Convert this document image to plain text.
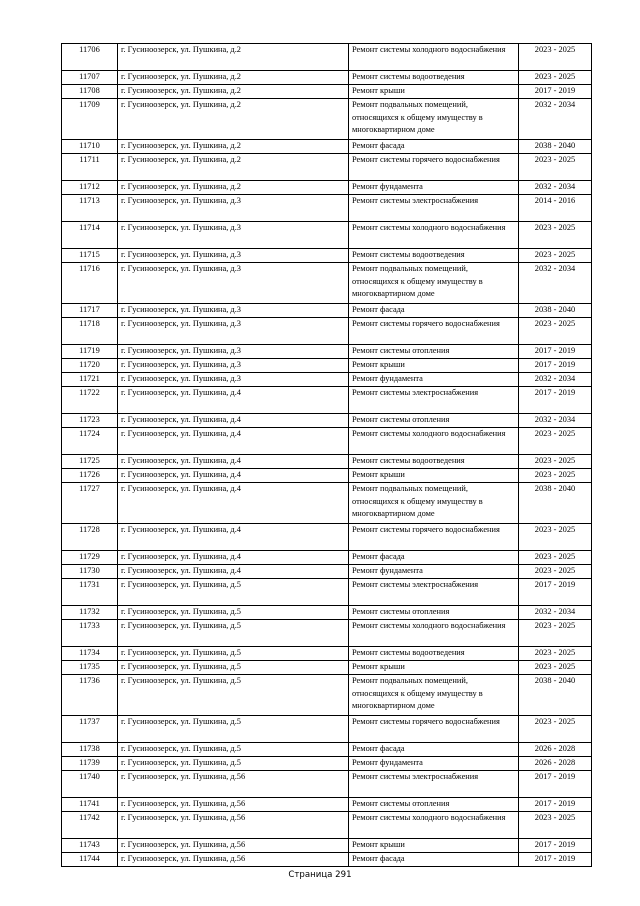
11706	г. Гусиноозерск, ул. Пушкина, д.2	Ремонт системы холодного водоснабжения	2023 - 2025
11707	г. Гусиноозерск, ул. Пушкина, д.2	Ремонт системы водоотведения	2023 - 2025
11708	г. Гусиноозерск, ул. Пушкина, д.2	Ремонт крыши	2017 - 2019
11709	г. Гусиноозерск, ул. Пушкина, д.2	Ремонт подвальных помещений, относящихся к общему имуществу в многоквартирном доме	2032 - 2034
11710	г. Гусиноозерск, ул. Пушкина, д.2	Ремонт фасада	2038 - 2040
11711	г. Гусиноозерск, ул. Пушкина, д.2	Ремонт системы горячего водоснабжения	2023 - 2025
11712	г. Гусиноозерск, ул. Пушкина, д.2	Ремонт фундамента	2032 - 2034
11713	г. Гусиноозерск, ул. Пушкина, д.3	Ремонт системы электроснабжения	2014 - 2016
11714	г. Гусиноозерск, ул. Пушкина, д.3	Ремонт системы холодного водоснабжения	2023 - 2025
11715	г. Гусиноозерск, ул. Пушкина, д.3	Ремонт системы водоотведения	2023 - 2025
11716	г. Гусиноозерск, ул. Пушкина, д.3	Ремонт подвальных помещений, относящихся к общему имуществу в многоквартирном доме	2032 - 2034
11717	г. Гусиноозерск, ул. Пушкина, д.3	Ремонт фасада	2038 - 2040
11718	г. Гусиноозерск, ул. Пушкина, д.3	Ремонт системы горячего водоснабжения	2023 - 2025
11719	г. Гусиноозерск, ул. Пушкина, д.3	Ремонт системы отопления	2017 - 2019
11720	г. Гусиноозерск, ул. Пушкина, д.3	Ремонт крыши	2017 - 2019
11721	г. Гусиноозерск, ул. Пушкина, д.3	Ремонт фундамента	2032 - 2034
11722	г. Гусиноозерск, ул. Пушкина, д.4	Ремонт системы электроснабжения	2017 - 2019
11723	г. Гусиноозерск, ул. Пушкина, д.4	Ремонт системы отопления	2032 - 2034
11724	г. Гусиноозерск, ул. Пушкина, д.4	Ремонт системы холодного водоснабжения	2023 - 2025
11725	г. Гусиноозерск, ул. Пушкина, д.4	Ремонт системы водоотведения	2023 - 2025
11726	г. Гусиноозерск, ул. Пушкина, д.4	Ремонт крыши	2023 - 2025
11727	г. Гусиноозерск, ул. Пушкина, д.4	Ремонт подвальных помещений, относящихся к общему имуществу в многоквартирном доме	2038 - 2040
11728	г. Гусиноозерск, ул. Пушкина, д.4	Ремонт системы горячего водоснабжения	2023 - 2025
11729	г. Гусиноозерск, ул. Пушкина, д.4	Ремонт фасада	2023 - 2025
11730	г. Гусиноозерск, ул. Пушкина, д.4	Ремонт фундамента	2023 - 2025
11731	г. Гусиноозерск, ул. Пушкина, д.5	Ремонт системы электроснабжения	2017 - 2019
11732	г. Гусиноозерск, ул. Пушкина, д.5	Ремонт системы отопления	2032 - 2034
11733	г. Гусиноозерск, ул. Пушкина, д.5	Ремонт системы холодного водоснабжения	2023 - 2025
11734	г. Гусиноозерск, ул. Пушкина, д.5	Ремонт системы водоотведения	2023 - 2025
11735	г. Гусиноозерск, ул. Пушкина, д.5	Ремонт крыши	2023 - 2025
11736	г. Гусиноозерск, ул. Пушкина, д.5	Ремонт подвальных помещений, относящихся к общему имуществу в многоквартирном доме	2038 - 2040
11737	г. Гусиноозерск, ул. Пушкина, д.5	Ремонт системы горячего водоснабжения	2023 - 2025
11738	г. Гусиноозерск, ул. Пушкина, д.5	Ремонт фасада	2026 - 2028
11739	г. Гусиноозерск, ул. Пушкина, д.5	Ремонт фундамента	2026 - 2028
11740	г. Гусиноозерск, ул. Пушкина, д.56	Ремонт системы электроснабжения	2017 - 2019
11741	г. Гусиноозерск, ул. Пушкина, д.56	Ремонт системы отопления	2017 - 2019
11742	г. Гусиноозерск, ул. Пушкина, д.56	Ремонт системы холодного водоснабжения	2023 - 2025
11743	г. Гусиноозерск, ул. Пушкина, д.56	Ремонт крыши	2017 - 2019
11744	г. Гусиноозерск, ул. Пушкина, д.56	Ремонт фасада	2017 - 2019
Страница 291
